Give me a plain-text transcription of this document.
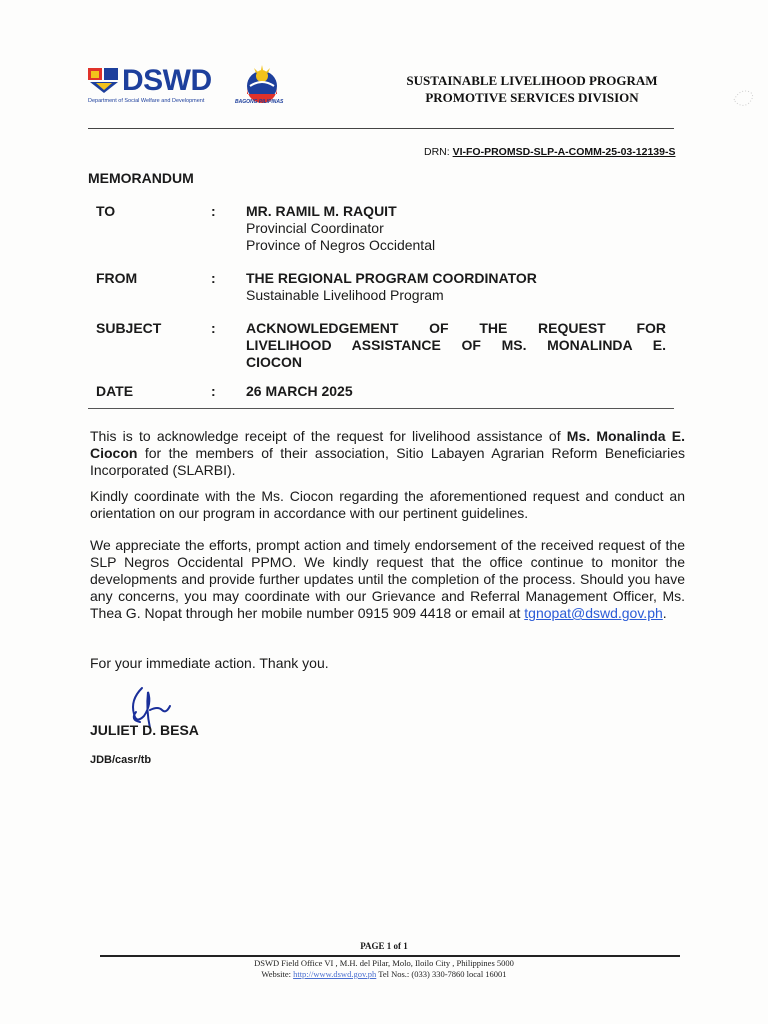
DSWD
Department of Social Welfare and Development	BAGONG PILIPINAS
SUSTAINABLE LIVELIHOOD PROGRAM
PROMOTIVE SERVICES DIVISION
DRN: VI-FO-PROMSD-SLP-A-COMM-25-03-12139-S
MEMORANDUM
TO	: MR. RAMIL M. RAQUIT
Provincial Coordinator
Province of Negros Occidental
FROM	: THE REGIONAL PROGRAM COORDINATOR
Sustainable Livelihood Program
SUBJECT	: ACKNOWLEDGEMENT OF THE REQUEST FOR LIVELIHOOD ASSISTANCE OF MS. MONALINDA E. CIOCON
DATE	: 26 MARCH 2025
This is to acknowledge receipt of the request for livelihood assistance of Ms. Monalinda E. Ciocon for the members of their association, Sitio Labayen Agrarian Reform Beneficiaries Incorporated (SLARBI).
Kindly coordinate with the Ms. Ciocon regarding the aforementioned request and conduct an orientation on our program in accordance with our pertinent guidelines.
We appreciate the efforts, prompt action and timely endorsement of the received request of the SLP Negros Occidental PPMO. We kindly request that the office continue to monitor the developments and provide further updates until the completion of the process. Should you have any concerns, you may coordinate with our Grievance and Referral Management Officer, Ms. Thea G. Nopat through her mobile number 0915 909 4418 or email at tgnopat@dswd.gov.ph.
For your immediate action. Thank you.
JULIET D. BESA
JDB/casr/tb
PAGE 1 of 1
DSWD Field Office VI , M.H. del Pilar, Molo, Iloilo City , Philippines 5000
Website: http://www.dswd.gov.ph Tel Nos.: (033) 330-7860 local 16001
